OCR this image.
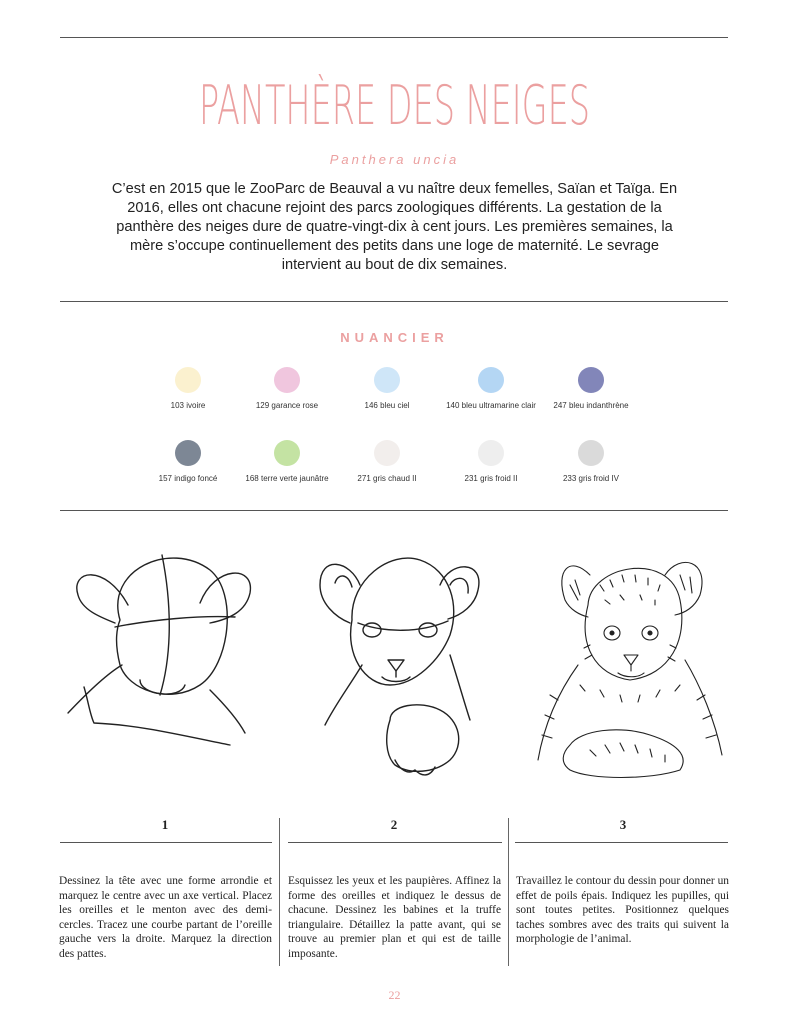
PANTHÈRE DES NEIGES
Panthera uncia
C’est en 2015 que le ZooParc de Beauval a vu naître deux femelles, Saïan et Taïga. En 2016, elles ont chacune rejoint des parcs zoologiques différents. La gestation de la panthère des neiges dure de quatre-vingt-dix à cent jours. Les premières semaines, la mère s’occupe continuellement des petits dans une loge de maternité. Le sevrage intervient au bout de dix semaines.
NUANCIER
103 ivoire	129 garance rose	146 bleu ciel	140 bleu ultramarine clair	247 bleu indanthrène
157 indigo foncé	168 terre verte jaunâtre	271 gris chaud II	231 gris froid II	233 gris froid IV
1	2	3
Dessinez la tête avec une forme arrondie et marquez le centre avec un axe vertical. Placez les oreilles et le menton avec des demi-cercles. Tracez une courbe partant de l’oreille gauche vers la droite. Marquez la direction des pattes.
Esquissez les yeux et les paupières. Affinez la forme des oreilles et indiquez le dessus de chacune. Dessinez les babines et la truffe triangulaire. Détaillez la patte avant, qui se trouve au premier plan et qui est de taille imposante.
Travaillez le contour du dessin pour donner un effet de poils épais. Indiquez les pupilles, qui sont toutes petites. Positionnez quelques taches sombres avec des traits qui suivent la morphologie de l’animal.
22
